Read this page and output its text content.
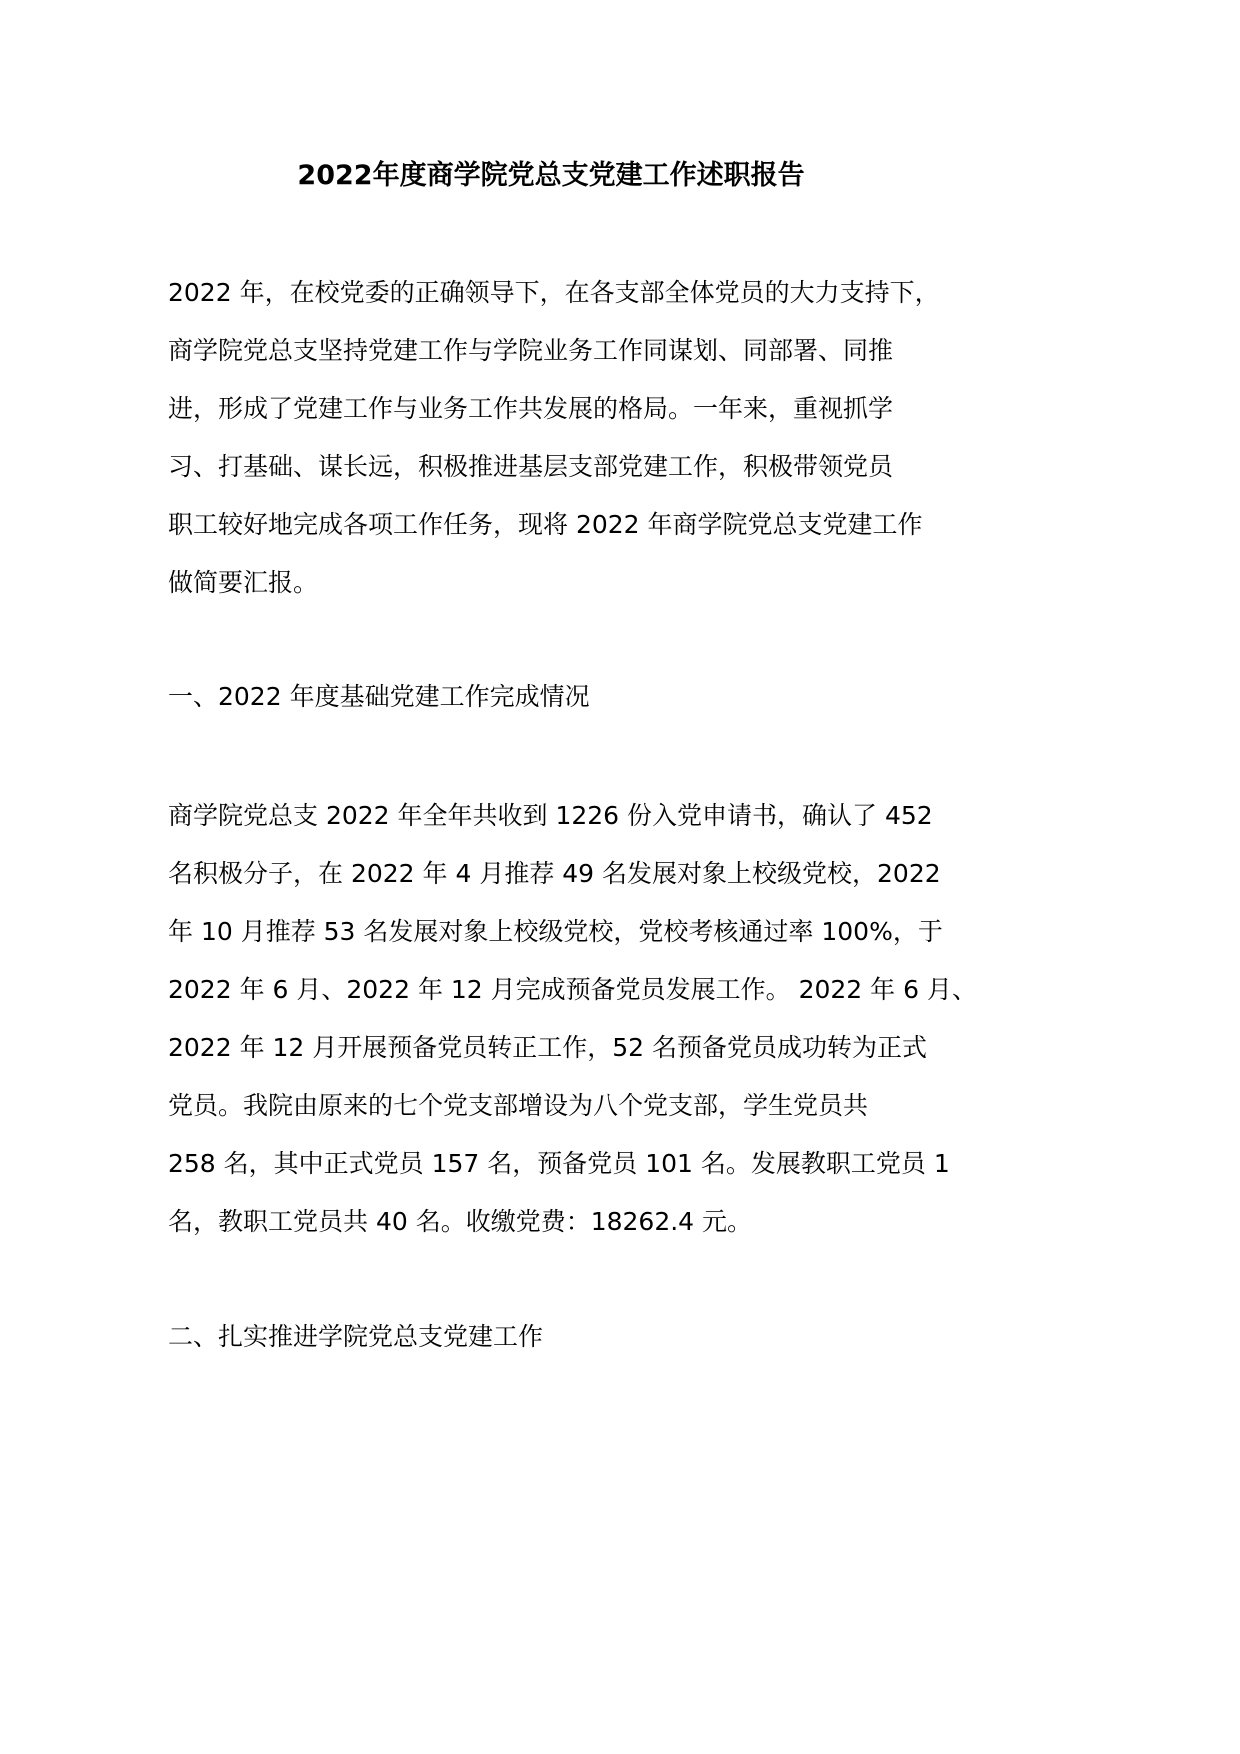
2022年度商学院党总支党建工作述职报告

2022 年，在校党委的正确领导下，在各支部全体党员的大力支持下，
商学院党总支坚持党建工作与学院业务工作同谋划、同部署、同推
进，形成了党建工作与业务工作共发展的格局。一年来，重视抓学
习、打基础、谋长远，积极推进基层支部党建工作，积极带领党员
职工较好地完成各项工作任务，现将 2022 年商学院党总支党建工作
做简要汇报。

一、2022 年度基础党建工作完成情况

商学院党总支 2022 年全年共收到 1226 份入党申请书，确认了 452
名积极分子，在 2022 年 4 月推荐 49 名发展对象上校级党校，2022
年 10 月推荐 53 名发展对象上校级党校，党校考核通过率 100%，于
2022 年 6 月、2022 年 12 月完成预备党员发展工作。 2022 年 6 月、
2022 年 12 月开展预备党员转正工作，52 名预备党员成功转为正式
党员。我院由原来的七个党支部增设为八个党支部，学生党员共
258 名，其中正式党员 157 名，预备党员 101 名。发展教职工党员 1
名，教职工党员共 40 名。收缴党费：18262.4 元。

二、扎实推进学院党总支党建工作
